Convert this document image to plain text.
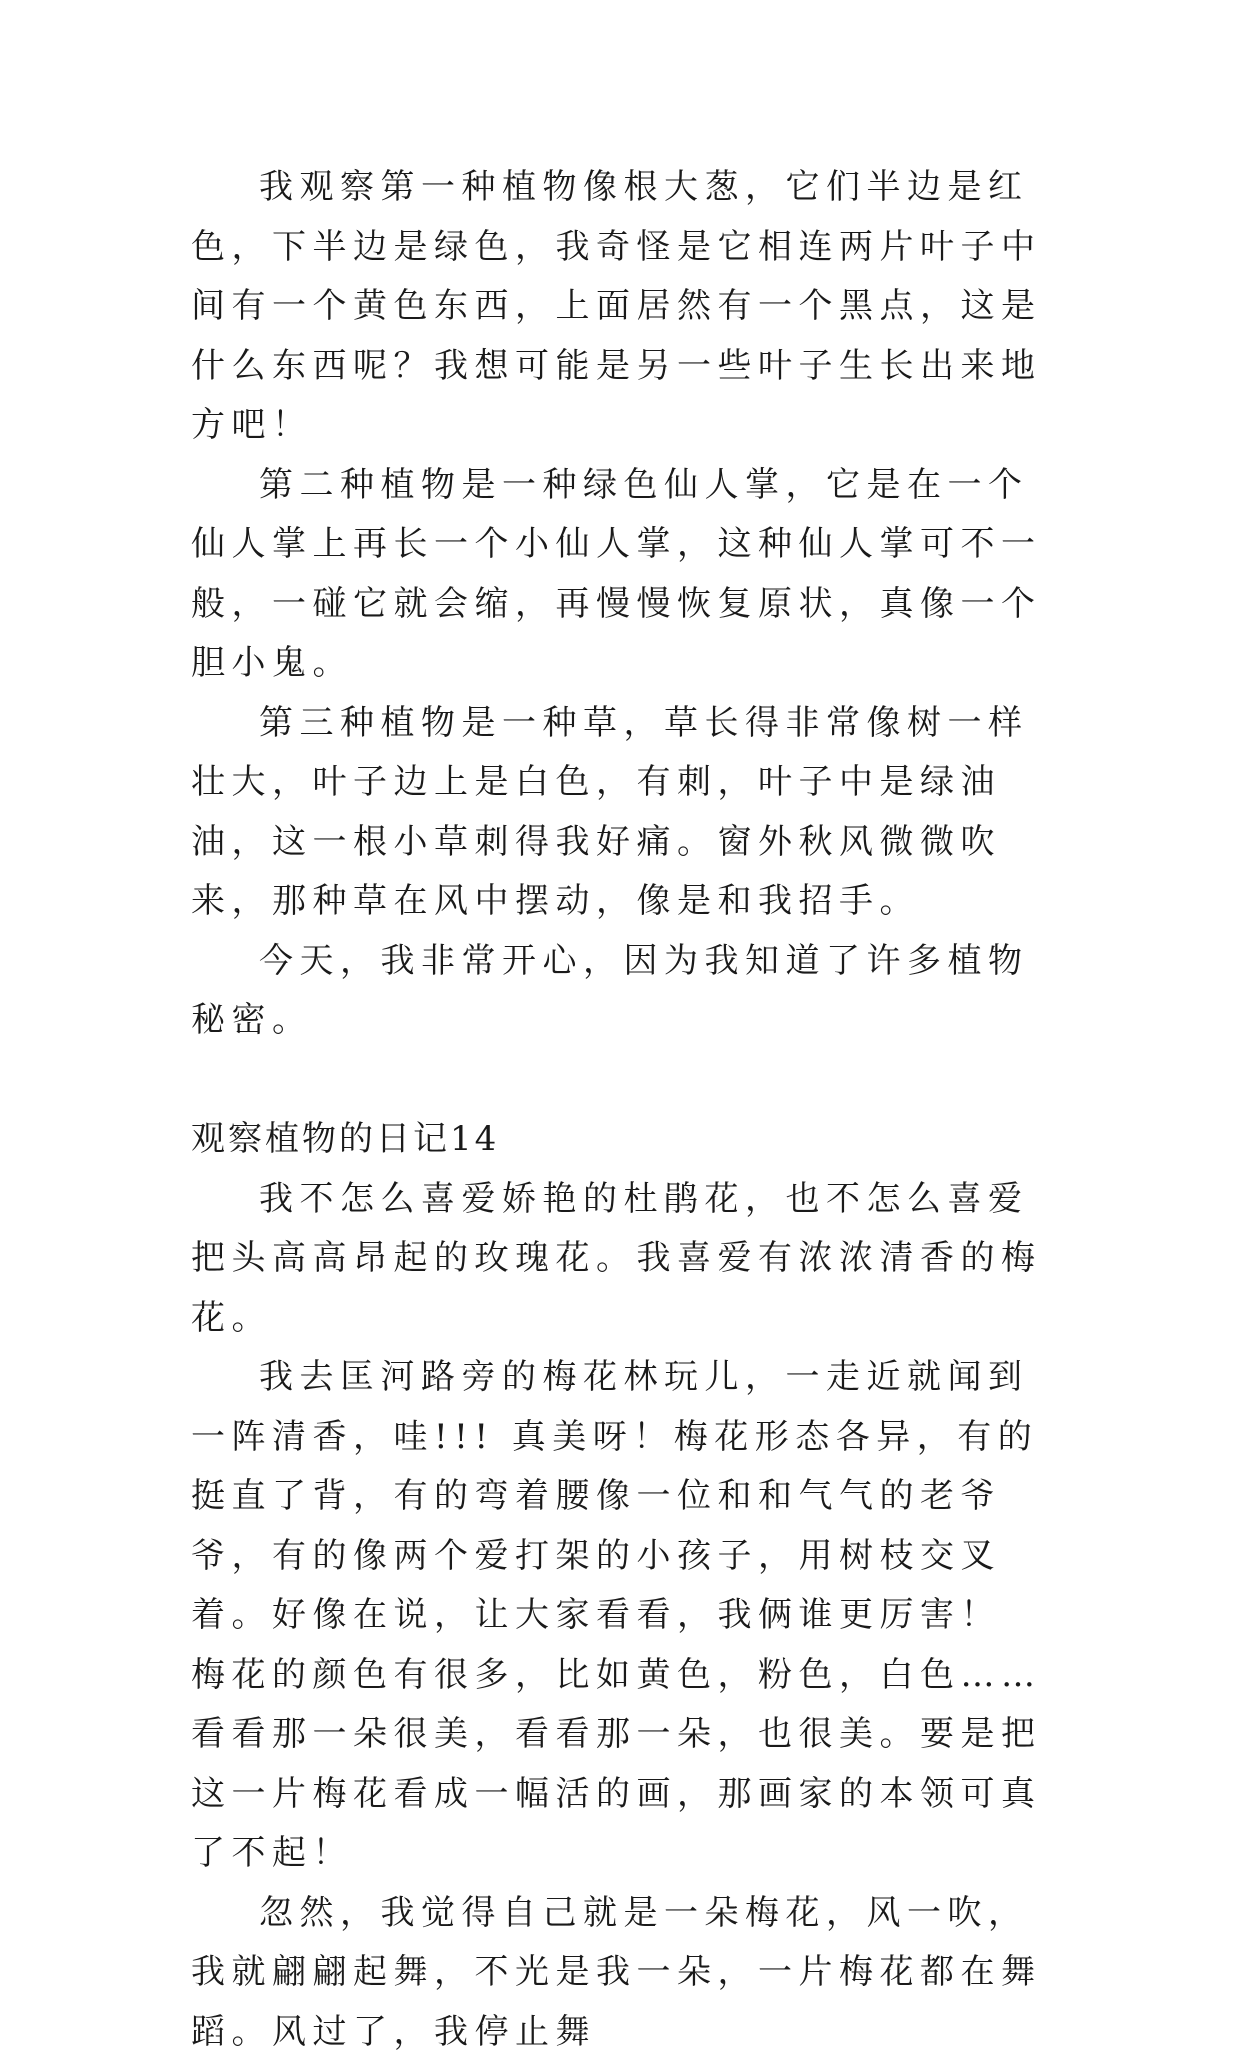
我观察第一种植物像根大葱，它们半边是红色，下半边是绿色，我奇怪是它相连两片叶子中间有一个黄色东西，上面居然有一个黑点，这是什么东西呢？我想可能是另一些叶子生长出来地方吧！

第二种植物是一种绿色仙人掌，它是在一个仙人掌上再长一个小仙人掌，这种仙人掌可不一般，一碰它就会缩，再慢慢恢复原状，真像一个胆小鬼。

第三种植物是一种草，草长得非常像树一样壮大，叶子边上是白色，有刺，叶子中是绿油油，这一根小草刺得我好痛。窗外秋风微微吹来，那种草在风中摆动，像是和我招手。

今天，我非常开心，因为我知道了许多植物秘密。

观察植物的日记14

我不怎么喜爱娇艳的杜鹃花，也不怎么喜爱把头高高昂起的玫瑰花。我喜爱有浓浓清香的梅花。

我去匡河路旁的梅花林玩儿，一走近就闻到一阵清香，哇!!! 真美呀！梅花形态各异，有的挺直了背，有的弯着腰像一位和和气气的老爷爷，有的像两个爱打架的小孩子，用树枝交叉着。好像在说，让大家看看，我俩谁更厉害！ 梅花的颜色有很多，比如黄色，粉色，白色…… 看看那一朵很美，看看那一朵，也很美。要是把这一片梅花看成一幅活的画，那画家的本领可真了不起！

忽然，我觉得自己就是一朵梅花，风一吹，我就翩翩起舞，不光是我一朵，一片梅花都在舞蹈。风过了，我停止舞
